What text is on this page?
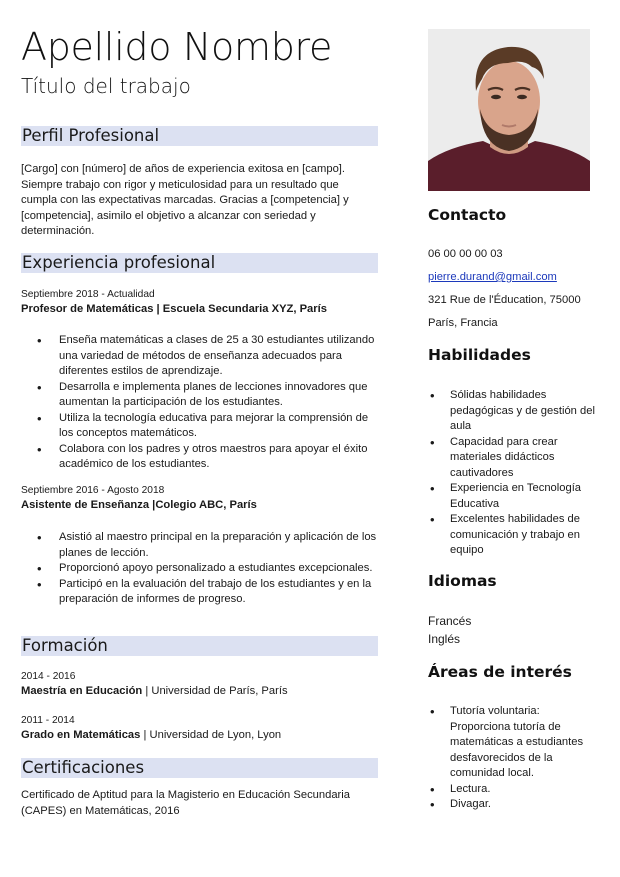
Apellido Nombre
Título del trabajo
Perfil Profesional
[Cargo] con [número] de años de experiencia exitosa en [campo]. Siempre trabajo con rigor y meticulosidad para un resultado que cumpla con las expectativas marcadas. Gracias a [competencia] y [competencia], asimilo el objetivo a alcanzar con seriedad y determinación.
Experiencia profesional
Septiembre 2018 - Actualidad
Profesor de Matemáticas | Escuela Secundaria XYZ, París
• Enseña matemáticas a clases de 25 a 30 estudiantes utilizando una variedad de métodos de enseñanza adecuados para diferentes estilos de aprendizaje.
• Desarrolla e implementa planes de lecciones innovadores que aumentan la participación de los estudiantes.
• Utiliza la tecnología educativa para mejorar la comprensión de los conceptos matemáticos.
• Colabora con los padres y otros maestros para apoyar el éxito académico de los estudiantes.
Septiembre 2016 - Agosto 2018
Asistente de Enseñanza |Colegio ABC, París
• Asistió al maestro principal en la preparación y aplicación de los planes de lección.
• Proporcionó apoyo personalizado a estudiantes excepcionales.
• Participó en la evaluación del trabajo de los estudiantes y en la preparación de informes de progreso.
Formación
2014 - 2016
Maestría en Educación | Universidad de París, París
2011 - 2014
Grado en Matemáticas | Universidad de Lyon, Lyon
Certificaciones
Certificado de Aptitud para la Magisterio en Educación Secundaria (CAPES) en Matemáticas, 2016
Contacto
06 00 00 00 03
pierre.durand@gmail.com
321 Rue de l'Éducation, 75000
París, Francia
Habilidades
• Sólidas habilidades pedagógicas y de gestión del aula
• Capacidad para crear materiales didácticos cautivadores
• Experiencia en Tecnología Educativa
• Excelentes habilidades de comunicación y trabajo en equipo
Idiomas
Francés
Inglés
Áreas de interés
• Tutoría voluntaria: Proporciona tutoría de matemáticas a estudiantes desfavorecidos de la comunidad local.
• Lectura.
• Divagar.
